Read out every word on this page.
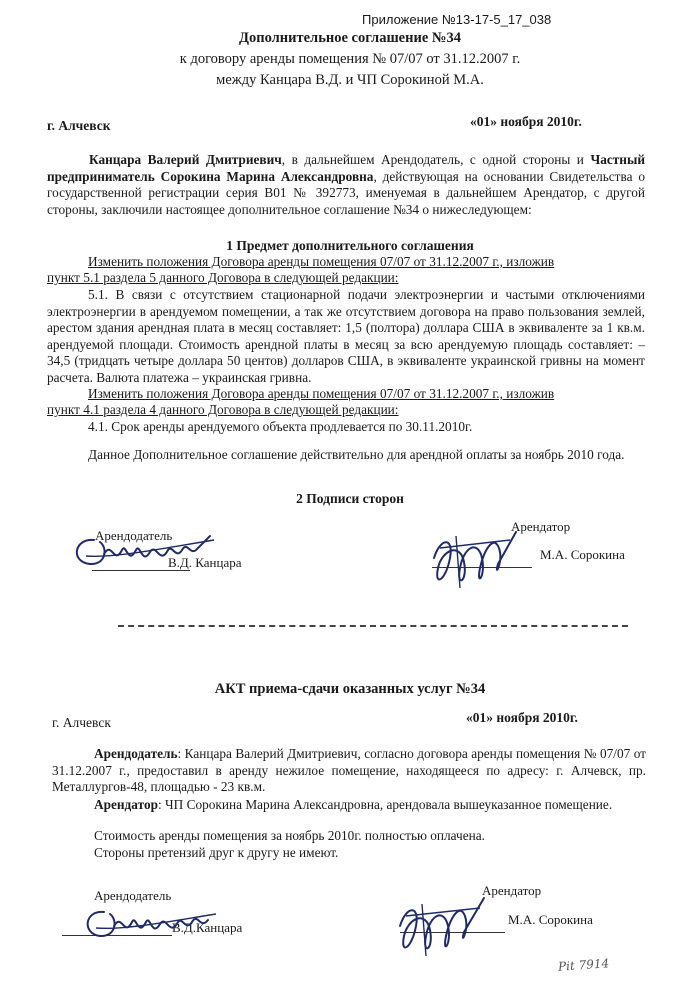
Приложение №13-17-5_17_038
Дополнительное соглашение №34
к договору аренды помещения № 07/07 от 31.12.2007 г.
между Канцара В.Д. и ЧП Сорокиной М.А.
г. Алчевск	«01» ноября 2010г.
Канцара Валерий Дмитриевич, в дальнейшем Арендодатель, с одной стороны и Частный предприниматель Сорокина Марина Александровна, действующая на основании Свидетельства о государственной регистрации серия В01 № 392773, именуемая в дальнейшем Арендатор, с другой стороны, заключили настоящее дополнительное соглашение №34 о нижеследующем:
1 Предмет дополнительного соглашения
Изменить положения Договора аренды помещения 07/07 от 31.12.2007 г., изложив
пункт 5.1 раздела 5 данного Договора в следующей редакции:
5.1. В связи с отсутствием стационарной подачи электроэнергии и частыми отключениями электроэнергии в арендуемом помещении, а так же отсутствием договора на право пользования землей, арестом здания арендная плата в месяц составляет: 1,5 (полтора) доллара США в эквиваленте за 1 кв.м. арендуемой площади. Стоимость арендной платы в месяц за всю арендуемую площадь составляет: – 34,5 (тридцать четыре доллара 50 центов) долларов США, в эквиваленте украинской гривны на момент расчета. Валюта платежа – украинская гривна.
Изменить положения Договора аренды помещения 07/07 от 31.12.2007 г., изложив
пункт 4.1 раздела 4 данного Договора в следующей редакции:
4.1. Срок аренды арендуемого объекта продлевается по 30.11.2010г.
Данное Дополнительное соглашение действительно для арендной оплаты за ноябрь 2010 года.
2 Подписи сторон
Арендодатель
В.Д. Канцара
Арендатор
М.А. Сорокина
АКТ приема-сдачи оказанных услуг №34
г. Алчевск	«01» ноября 2010г.
Арендодатель: Канцара Валерий Дмитриевич, согласно договора аренды помещения № 07/07 от 31.12.2007 г., предоставил в аренду нежилое помещение, находящееся по адресу: г. Алчевск, пр. Металлургов-48, площадью - 23 кв.м.
Арендатор: ЧП Сорокина Марина Александровна, арендовала вышеуказанное помещение.
Стоимость аренды помещения за ноябрь 2010г. полностью оплачена.
Стороны претензий друг к другу не имеют.
Арендодатель
В.Д.Канцара
Арендатор
М.А. Сорокина
Pit 7914
